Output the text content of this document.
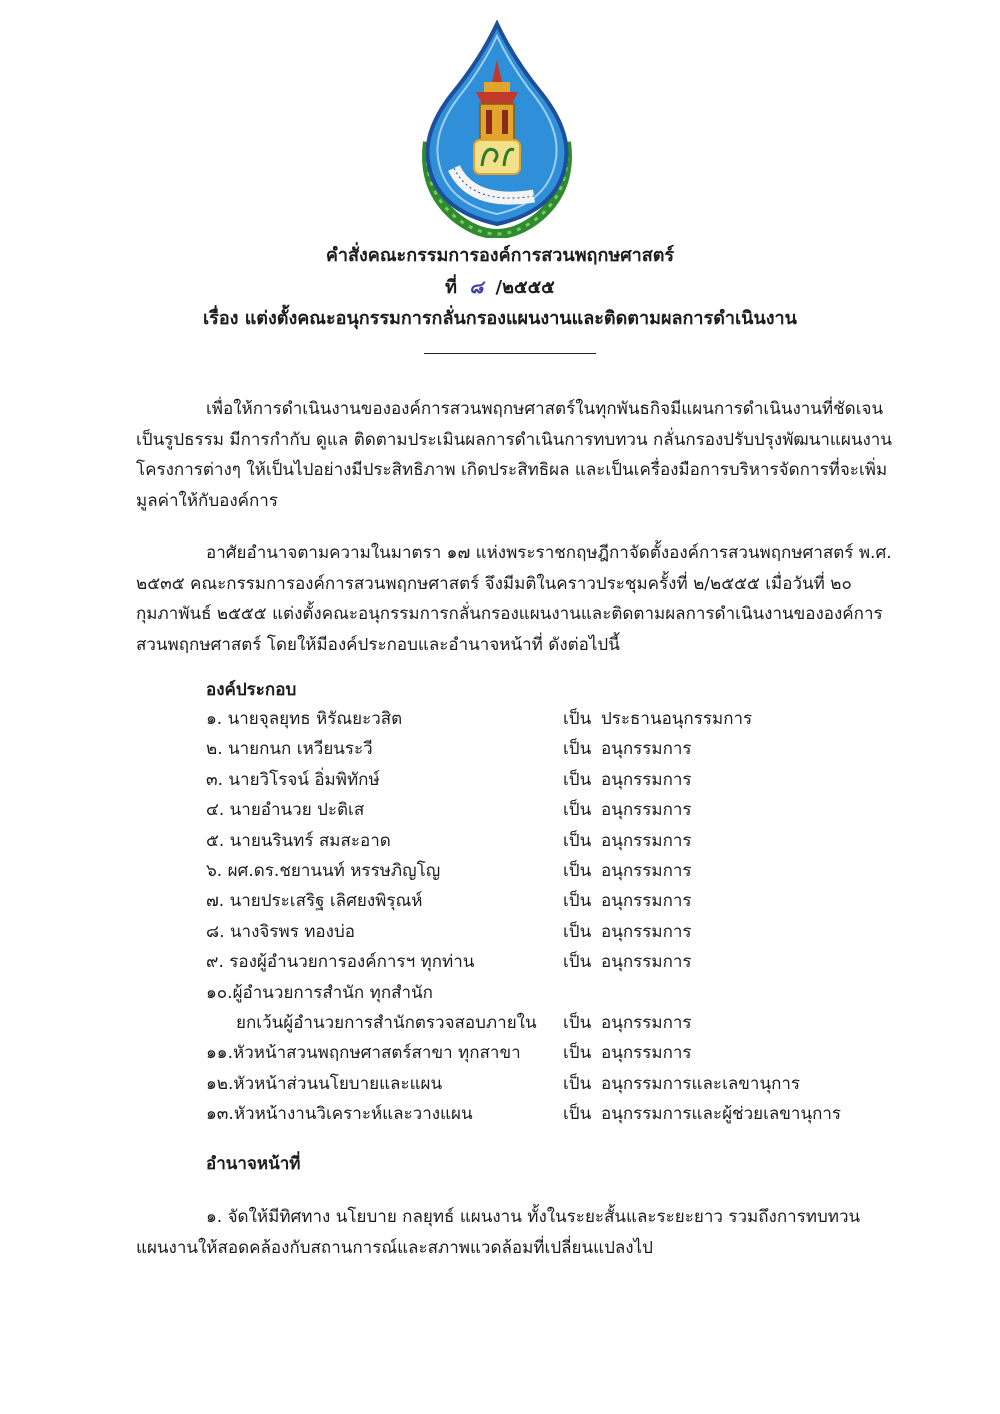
คำสั่งคณะกรรมการองค์การสวนพฤกษศาสตร์
ที่ ๘ /๒๕๕๕
เรื่อง แต่งตั้งคณะอนุกรรมการกลั่นกรองแผนงานและติดตามผลการดำเนินงาน
เพื่อให้การดำเนินงานขององค์การสวนพฤกษศาสตร์ในทุกพันธกิจมีแผนการดำเนินงานที่ชัดเจน
เป็นรูปธรรม มีการกำกับ ดูแล ติดตามประเมินผลการดำเนินการทบทวน กลั่นกรองปรับปรุงพัฒนาแผนงาน
โครงการต่างๆ ให้เป็นไปอย่างมีประสิทธิภาพ เกิดประสิทธิผล และเป็นเครื่องมือการบริหารจัดการที่จะเพิ่ม
มูลค่าให้กับองค์การ
อาศัยอำนาจตามความในมาตรา ๑๗ แห่งพระราชกฤษฎีกาจัดตั้งองค์การสวนพฤกษศาสตร์ พ.ศ.
๒๕๓๕ คณะกรรมการองค์การสวนพฤกษศาสตร์ จึงมีมติในคราวประชุมครั้งที่ ๒/๒๕๕๕ เมื่อวันที่ ๒๐
กุมภาพันธ์ ๒๕๕๕ แต่งตั้งคณะอนุกรรมการกลั่นกรองแผนงานและติดตามผลการดำเนินงานขององค์การ
สวนพฤกษศาสตร์ โดยให้มีองค์ประกอบและอำนาจหน้าที่ ดังต่อไปนี้
องค์ประกอบ
๑. นายจุลยุทธ หิรัณยะวสิต	เป็น ประธานอนุกรรมการ
๒. นายกนก เหวียนระวี	เป็น อนุกรรมการ
๓. นายวิโรจน์ อิ่มพิทักษ์	เป็น อนุกรรมการ
๔. นายอำนวย ปะติเส	เป็น อนุกรรมการ
๕. นายนรินทร์ สมสะอาด	เป็น อนุกรรมการ
๖. ผศ.ดร.ชยานนท์ หรรษภิญโญ	เป็น อนุกรรมการ
๗. นายประเสริฐ เลิศยงพิรุณห์	เป็น อนุกรรมการ
๘. นางจิรพร ทองบ่อ	เป็น อนุกรรมการ
๙. รองผู้อำนวยการองค์การฯ ทุกท่าน	เป็น อนุกรรมการ
๑๐.ผู้อำนวยการสำนัก ทุกสำนัก
ยกเว้นผู้อำนวยการสำนักตรวจสอบภายใน เป็น อนุกรรมการ
๑๑.หัวหน้าสวนพฤกษศาสตร์สาขา ทุกสาขา เป็น อนุกรรมการ
๑๒.หัวหน้าส่วนนโยบายและแผน	เป็น อนุกรรมการและเลขานุการ
๑๓.หัวหน้างานวิเคราะห์และวางแผน	เป็น อนุกรรมการและผู้ช่วยเลขานุการ
อำนาจหน้าที่
๑. จัดให้มีทิศทาง นโยบาย กลยุทธ์ แผนงาน ทั้งในระยะสั้นและระยะยาว รวมถึงการทบทวน
แผนงานให้สอดคล้องกับสถานการณ์และสภาพแวดล้อมที่เปลี่ยนแปลงไป
